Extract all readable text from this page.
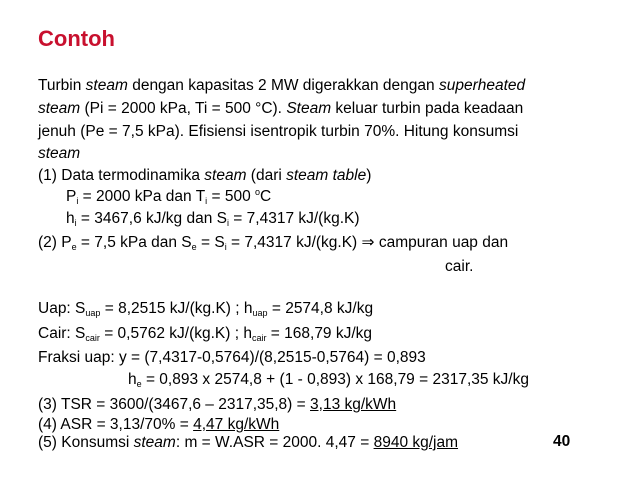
Contoh
Turbin steam dengan kapasitas 2 MW digerakkan dengan superheated
steam (Pi = 2000 kPa, Ti = 500 °C). Steam keluar turbin pada keadaan
jenuh (Pe = 7,5 kPa). Efisiensi isentropik turbin 70%. Hitung konsumsi
steam
(1) Data termodinamika steam (dari steam table)
$P_i = 2000$ kPa dan $T_i = 500$ $^o$C
$h_i = 3467,6$ kJ/kg dan $S_i = 7,4317$ kJ/(kg.K)
(2) $P_e = 7,5$ kPa dan $S_e = S_i = 7,4317$ kJ/(kg.K) ⇒ campuran uap dan
cair.
Uap: $S_{uap} = 8,2515$ kJ/(kg.K) ; $h_{uap} = 2574,8$ kJ/kg
Cair: $S_{cair} = 0,5762$ kJ/(kg.K) ; $h_{cair} = 168,79$ kJ/kg
Fraksi uap: y = (7,4317-0,5764)/(8,2515-0,5764) = 0,893
$h_e = 0,893$ x 2574,8 + (1 - 0,893) x 168,79 = 2317,35 kJ/kg
(3) TSR = 3600/(3467,6 – 2317,35,8) = 3,13 kg/kWh
(4) ASR = 3,13/70% = 4,47 kg/kWh
(5) Konsumsi steam: m = W.ASR = 2000. 4,47 = 8940 kg/jam	40
